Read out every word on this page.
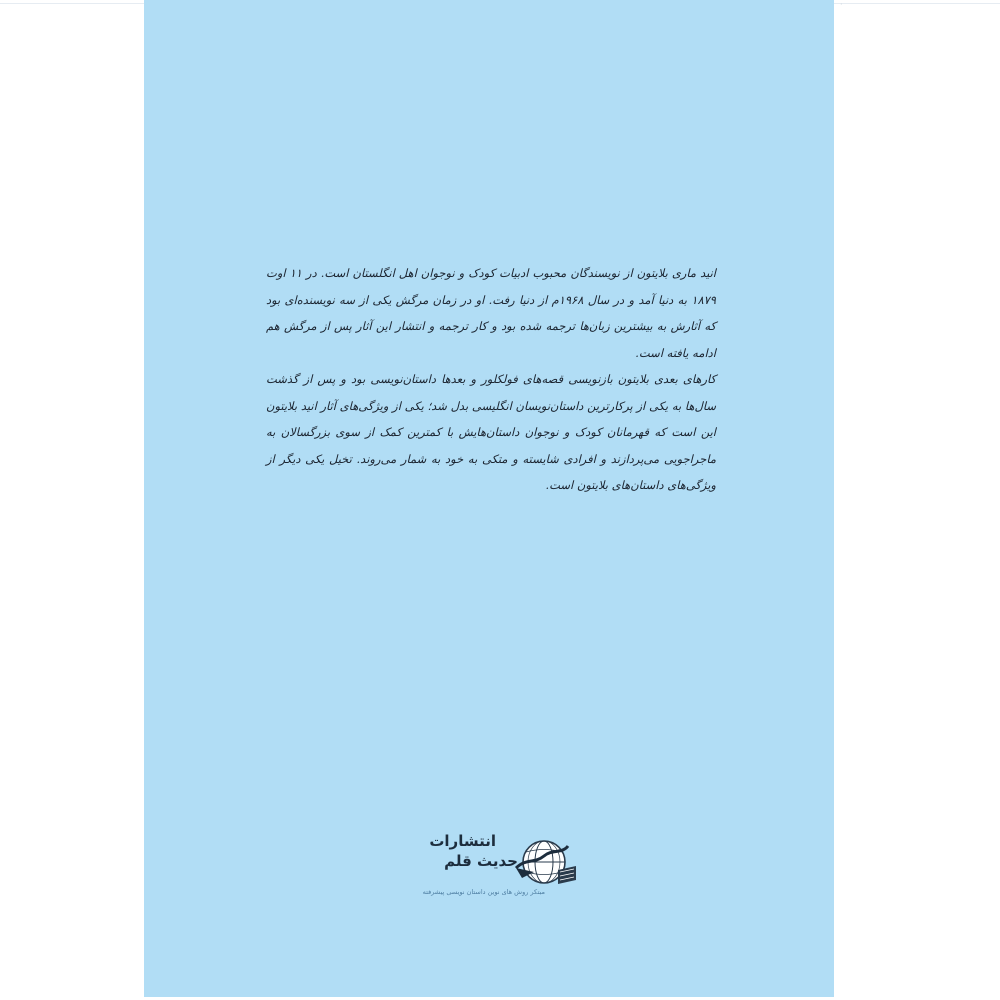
·

انید ماری بلایتون از نویسندگان محبوب ادبیات کودک و نوجوان اهل انگلستان است. در ۱۱ اوت ۱۸۷۹ به دنیا آمد و در سال ۱۹۶۸م از دنیا رفت. او در زمان مرگش یکی از سه نویسنده‌ای بود که آثارش به بیشترین زبان‌ها ترجمه شده بود و کار ترجمه و انتشار این آثار پس از مرگش هم ادامه یافته است.

کارهای بعدی بلایتون بازنویسی قصه‌های فولکلور و بعدها داستان‌نویسی بود و پس از گذشت سال‌ها به یکی از پرکارترین داستان‌نویسان انگلیسی بدل شد؛ یکی از ویژگی‌های آثار انید بلایتون این است که قهرمانان کودک و نوجوان داستان‌هایش با کمترین کمک از سوی بزرگسالان به ماجراجویی می‌پردازند و افرادی شایسته و متکی به خود به شمار می‌روند. تخیل یکی دیگر از ویژگی‌های داستان‌های بلایتون است.

انتشارات
حدیث قلم
مبتکر روش های نوین داستان نویسی پیشرفته
